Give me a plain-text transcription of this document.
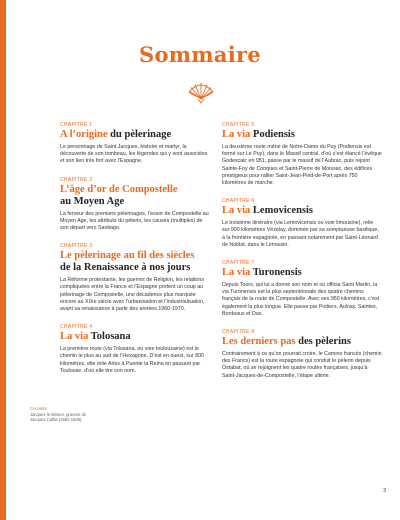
Sommaire
CHAPITRE 1
A l’origine du pèlerinage
Le personnage de Saint Jacques, histoire et martyr, la découverte de son tombeau, les légendes qui y sont associées et son lien très fort avec l’Espagne.
CHAPITRE 2
L’âge d’or de Compostelle
au Moyen Age
La ferveur des premiers pèlerinages, l’essor de Compostelle au Moyen Age, les attributs du pèlerin, les causes (multiples) de son départ vers Santiago.
CHAPITRE 3
Le pèlerinage au fil des siècles
de la Renaissance à nos jours
La Réforme protestante, les guerres de Religion, les relations compliquées entre la France et l’Espagne portent un coup au pèlerinage de Compostelle, une décadence plus marquée encore au XIXe siècle avec l’urbanisation et l’industrialisation, avant sa renaissance à partir des années 1960-1970.
CHAPITRE 4
La via Tolosana
La première route (via Tolosana, ou voie toulousaine) est le chemin le plus au sud de l’Hexagone. D’est en ouest, sur 800 kilomètres, elle relie Arles à Puente la Reina en passant par Toulouse, d’où elle tire son nom.
CHAPITRE 5
La via Podiensis
La deuxième route mène de Notre-Dame du Puy (Podiensis est formé sur Le Puy), dans le Massif central, d’où s’est élancé l’évêque Godescalc en 951, passe par le massif de l’Aubrac, puis rejoint Sainte-Foy de Conques et Saint-Pierre de Moissac, des édifices prestigieux pour rallier Saint-Jean-Pied-de-Port après 750 kilomètres de marche.
CHAPITRE 6
La via Lemovicensis
Le troisième itinéraire (via Lemovicensis ou voie limousine), relie sur 900 kilomètres Vézelay, dominée par sa somptueuse basilique, à la frontière espagnole, en passant notamment par Saint-Léonard de Noblat, dans le Limousin.
CHAPITRE 7
La via Turonensis
Depuis Tours, qui lui a donné son nom et où officia Saint Martin, la via Turonensis est la plus septentrionale des quatre chemins français de la route de Compostelle. Avec ses 950 kilomètres, c’est également la plus longue. Elle passe par Poitiers, Aulnay, Saintes, Bordeaux et Dax.
CHAPITRE 8
Les derniers pas des pèlerins
Contrairement à ce qu’on pourrait croire, le Camino francés (chemin des Francs) est la route espagnole qui conduit le pèlerin depuis Ostabat, où se rejoignent les quatre routes françaises, jusqu’à Saint-Jacques-de-Compostelle, l’étape ultime.
Ci-contre
Jacques le Mineur, gravure de Jacques Callot (1592-1635).
3
